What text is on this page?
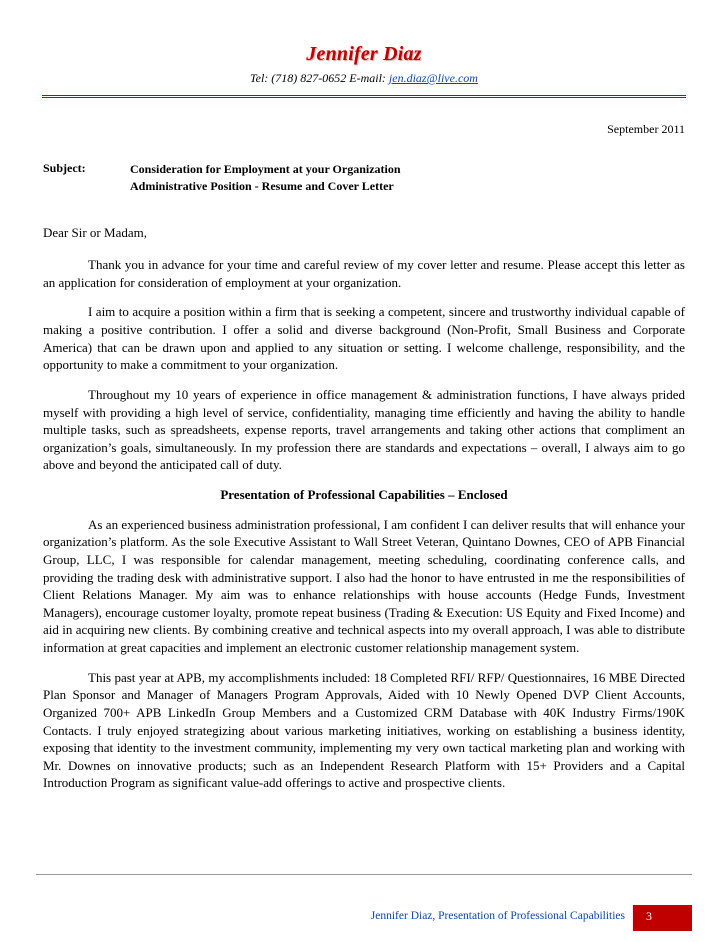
Jennifer Diaz
Tel: (718) 827-0652 E-mail: jen.diaz@live.com
September 2011
Subject:	Consideration for Employment at your Organization
Administrative Position - Resume and Cover Letter
Dear Sir or Madam,

Thank you in advance for your time and careful review of my cover letter and resume. Please accept this letter as an application for consideration of employment at your organization.

I aim to acquire a position within a firm that is seeking a competent, sincere and trustworthy individual capable of making a positive contribution. I offer a solid and diverse background (Non-Profit, Small Business and Corporate America) that can be drawn upon and applied to any situation or setting. I welcome challenge, responsibility, and the opportunity to make a commitment to your organization.

Throughout my 10 years of experience in office management & administration functions, I have always prided myself with providing a high level of service, confidentiality, managing time efficiently and having the ability to handle multiple tasks, such as spreadsheets, expense reports, travel arrangements and taking other actions that compliment an organization’s goals, simultaneously. In my profession there are standards and expectations – overall, I always aim to go above and beyond the anticipated call of duty.

Presentation of Professional Capabilities – Enclosed

As an experienced business administration professional, I am confident I can deliver results that will enhance your organization’s platform. As the sole Executive Assistant to Wall Street Veteran, Quintano Downes, CEO of APB Financial Group, LLC, I was responsible for calendar management, meeting scheduling, coordinating conference calls, and providing the trading desk with administrative support. I also had the honor to have entrusted in me the responsibilities of Client Relations Manager. My aim was to enhance relationships with house accounts (Hedge Funds, Investment Managers), encourage customer loyalty, promote repeat business (Trading & Execution: US Equity and Fixed Income) and aid in acquiring new clients. By combining creative and technical aspects into my overall approach, I was able to distribute information at great capacities and implement an electronic customer relationship management system.

This past year at APB, my accomplishments included: 18 Completed RFI/ RFP/ Questionnaires, 16 MBE Directed Plan Sponsor and Manager of Managers Program Approvals, Aided with 10 Newly Opened DVP Client Accounts, Organized 700+ APB LinkedIn Group Members and a Customized CRM Database with 40K Industry Firms/190K Contacts. I truly enjoyed strategizing about various marketing initiatives, working on establishing a business identity, exposing that identity to the investment community, implementing my very own tactical marketing plan and working with Mr. Downes on innovative products; such as an Independent Research Platform with 15+ Providers and a Capital Introduction Program as significant value-add offerings to active and prospective clients.

Jennifer Diaz, Presentation of Professional Capabilities	3
